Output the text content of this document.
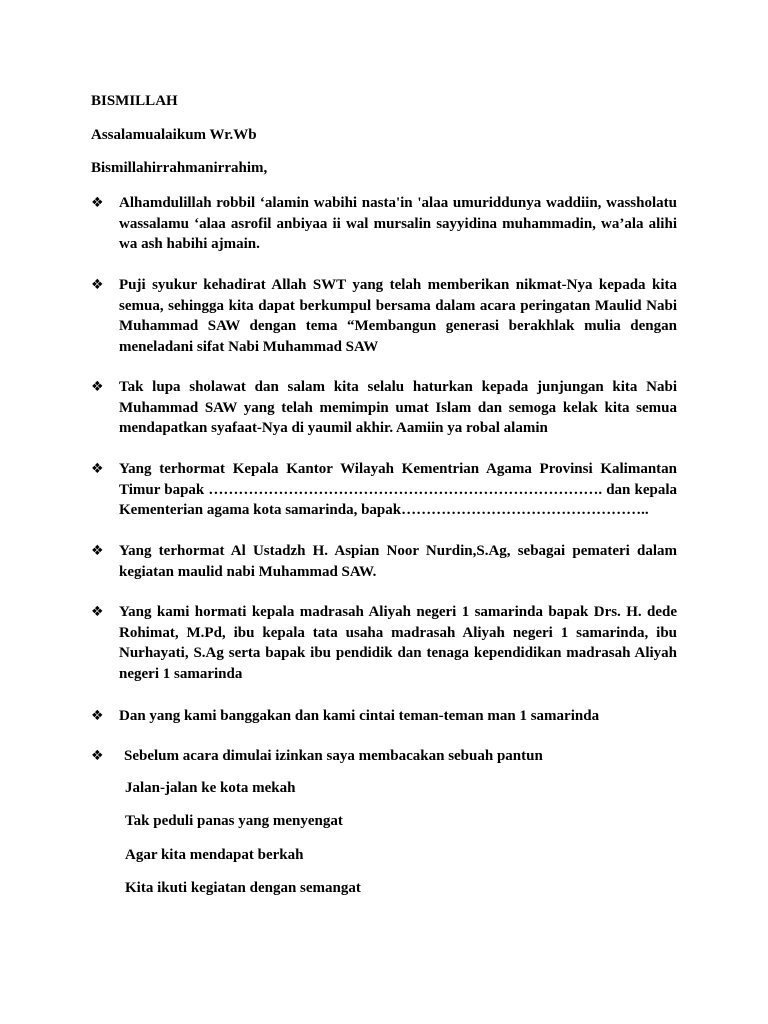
BISMILLAH
Assalamualaikum Wr.Wb
Bismillahirrahmanirrahim,
❖ Alhamdulillah robbil ‘alamin wabihi nasta'in 'alaa umuriddunya waddiin, wassholatu wassalamu ‘alaa asrofil anbiyaa ii wal mursalin sayyidina muhammadin, wa’ala alihi wa ash habihi ajmain.
❖ Puji syukur kehadirat Allah SWT yang telah memberikan nikmat-Nya kepada kita semua, sehingga kita dapat berkumpul bersama dalam acara peringatan Maulid Nabi Muhammad SAW dengan tema “Membangun generasi berakhlak mulia dengan meneladani sifat Nabi Muhammad SAW
❖ Tak lupa sholawat dan salam kita selalu haturkan kepada junjungan kita Nabi Muhammad SAW yang telah memimpin umat Islam dan semoga kelak kita semua mendapatkan syafaat-Nya di yaumil akhir. Aamiin ya robal alamin
❖ Yang terhormat Kepala Kantor Wilayah Kementrian Agama Provinsi Kalimantan Timur bapak ……………………………………………………………………. dan kepala Kementerian agama kota samarinda, bapak…………………………………………..
❖ Yang terhormat Al Ustadzh H. Aspian Noor Nurdin,S.Ag, sebagai pemateri dalam kegiatan maulid nabi Muhammad SAW.
❖ Yang kami hormati kepala madrasah Aliyah negeri 1 samarinda bapak Drs. H. dede Rohimat, M.Pd, ibu kepala tata usaha madrasah Aliyah negeri 1 samarinda, ibu Nurhayati, S.Ag serta bapak ibu pendidik dan tenaga kependidikan madrasah Aliyah negeri 1 samarinda
❖ Dan yang kami banggakan dan kami cintai teman-teman man 1 samarinda
❖ Sebelum acara dimulai izinkan saya membacakan sebuah pantun
Jalan-jalan ke kota mekah
Tak peduli panas yang menyengat
Agar kita mendapat berkah
Kita ikuti kegiatan dengan semangat
